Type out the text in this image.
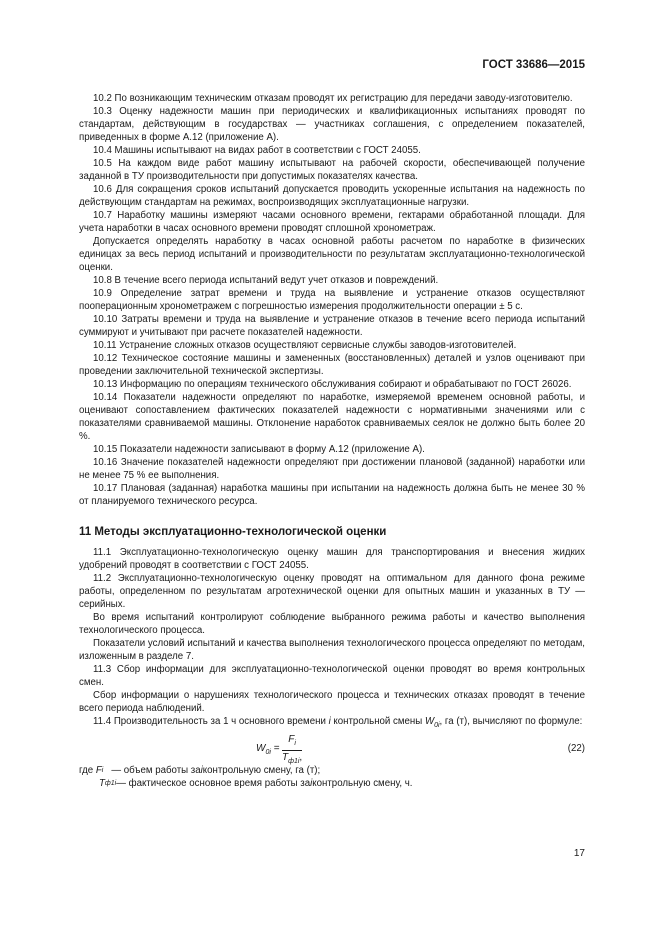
ГОСТ 33686—2015

10.2 По возникающим техническим отказам проводят их регистрацию для передачи заводу-изготовителю.

10.3 Оценку надежности машин при периодических и квалификационных испытаниях проводят по стандартам, действующим в государствах — участниках соглашения, с определением показателей, приведенных в форме А.12 (приложение А).

10.4 Машины испытывают на видах работ в соответствии с ГОСТ 24055.

10.5 На каждом виде работ машину испытывают на рабочей скорости, обеспечивающей получение заданной в ТУ производительности при допустимых показателях качества.

10.6 Для сокращения сроков испытаний допускается проводить ускоренные испытания на надежность по действующим стандартам на режимах, воспроизводящих эксплуатационные нагрузки.

10.7 Наработку машины измеряют часами основного времени, гектарами обработанной площади. Для учета наработки в часах основного времени проводят сплошной хронометраж.

Допускается определять наработку в часах основной работы расчетом по наработке в физических единицах за весь период испытаний и производительности по результатам эксплуатационно-технологической оценки.

10.8 В течение всего периода испытаний ведут учет отказов и повреждений.

10.9 Определение затрат времени и труда на выявление и устранение отказов осуществляют пооперационным хронометражем с погрешностью измерения продолжительности операции ± 5 с.

10.10 Затраты времени и труда на выявление и устранение отказов в течение всего периода испытаний суммируют и учитывают при расчете показателей надежности.

10.11 Устранение сложных отказов осуществляют сервисные службы заводов-изготовителей.

10.12 Техническое состояние машины и замененных (восстановленных) деталей и узлов оценивают при проведении заключительной технической экспертизы.

10.13 Информацию по операциям технического обслуживания собирают и обрабатывают по ГОСТ 26026.

10.14 Показатели надежности определяют по наработке, измеряемой временем основной работы, и оценивают сопоставлением фактических показателей надежности с нормативными значениями или с показателями сравниваемой машины. Отклонение наработок сравниваемых сеялок не должно быть более 20 %.

10.15 Показатели надежности записывают в форму А.12 (приложение А).

10.16 Значение показателей надежности определяют при достижении плановой (заданной) наработки или не менее 75 % ее выполнения.

10.17 Плановая (заданная) наработка машины при испытании на надежность должна быть не менее 30 % от планируемого технического ресурса.

11 Методы эксплуатационно-технологической оценки

11.1 Эксплуатационно-технологическую оценку машин для транспортирования и внесения жидких удобрений проводят в соответствии с ГОСТ 24055.

11.2 Эксплуатационно-технологическую оценку проводят на оптимальном для данного фона режиме работы, определенном по результатам агротехнической оценки для опытных машин и указанных в ТУ — серийных.

Во время испытаний контролируют соблюдение выбранного режима работы и качество выполнения технологического процесса.

Показатели условий испытаний и качества выполнения технологического процесса определяют по методам, изложенным в разделе 7.

11.3 Сбор информации для эксплуатационно-технологической оценки проводят во время контрольных смен.

Сбор информации о нарушениях технологического процесса и технических отказах проводят в течение всего периода наблюдений.

11.4 Производительность за 1 ч основного времени i контрольной смены $W_{0i}$, га (т), вычисляют по формуле:

$W_{0i}$ =
$F_i$
$T_{ф1i}$,
(22)
где
F i
— объем работы за i контрольную смену, га (т);
T ф1i — фактическое основное время работы за i контрольную смену, ч.
17
